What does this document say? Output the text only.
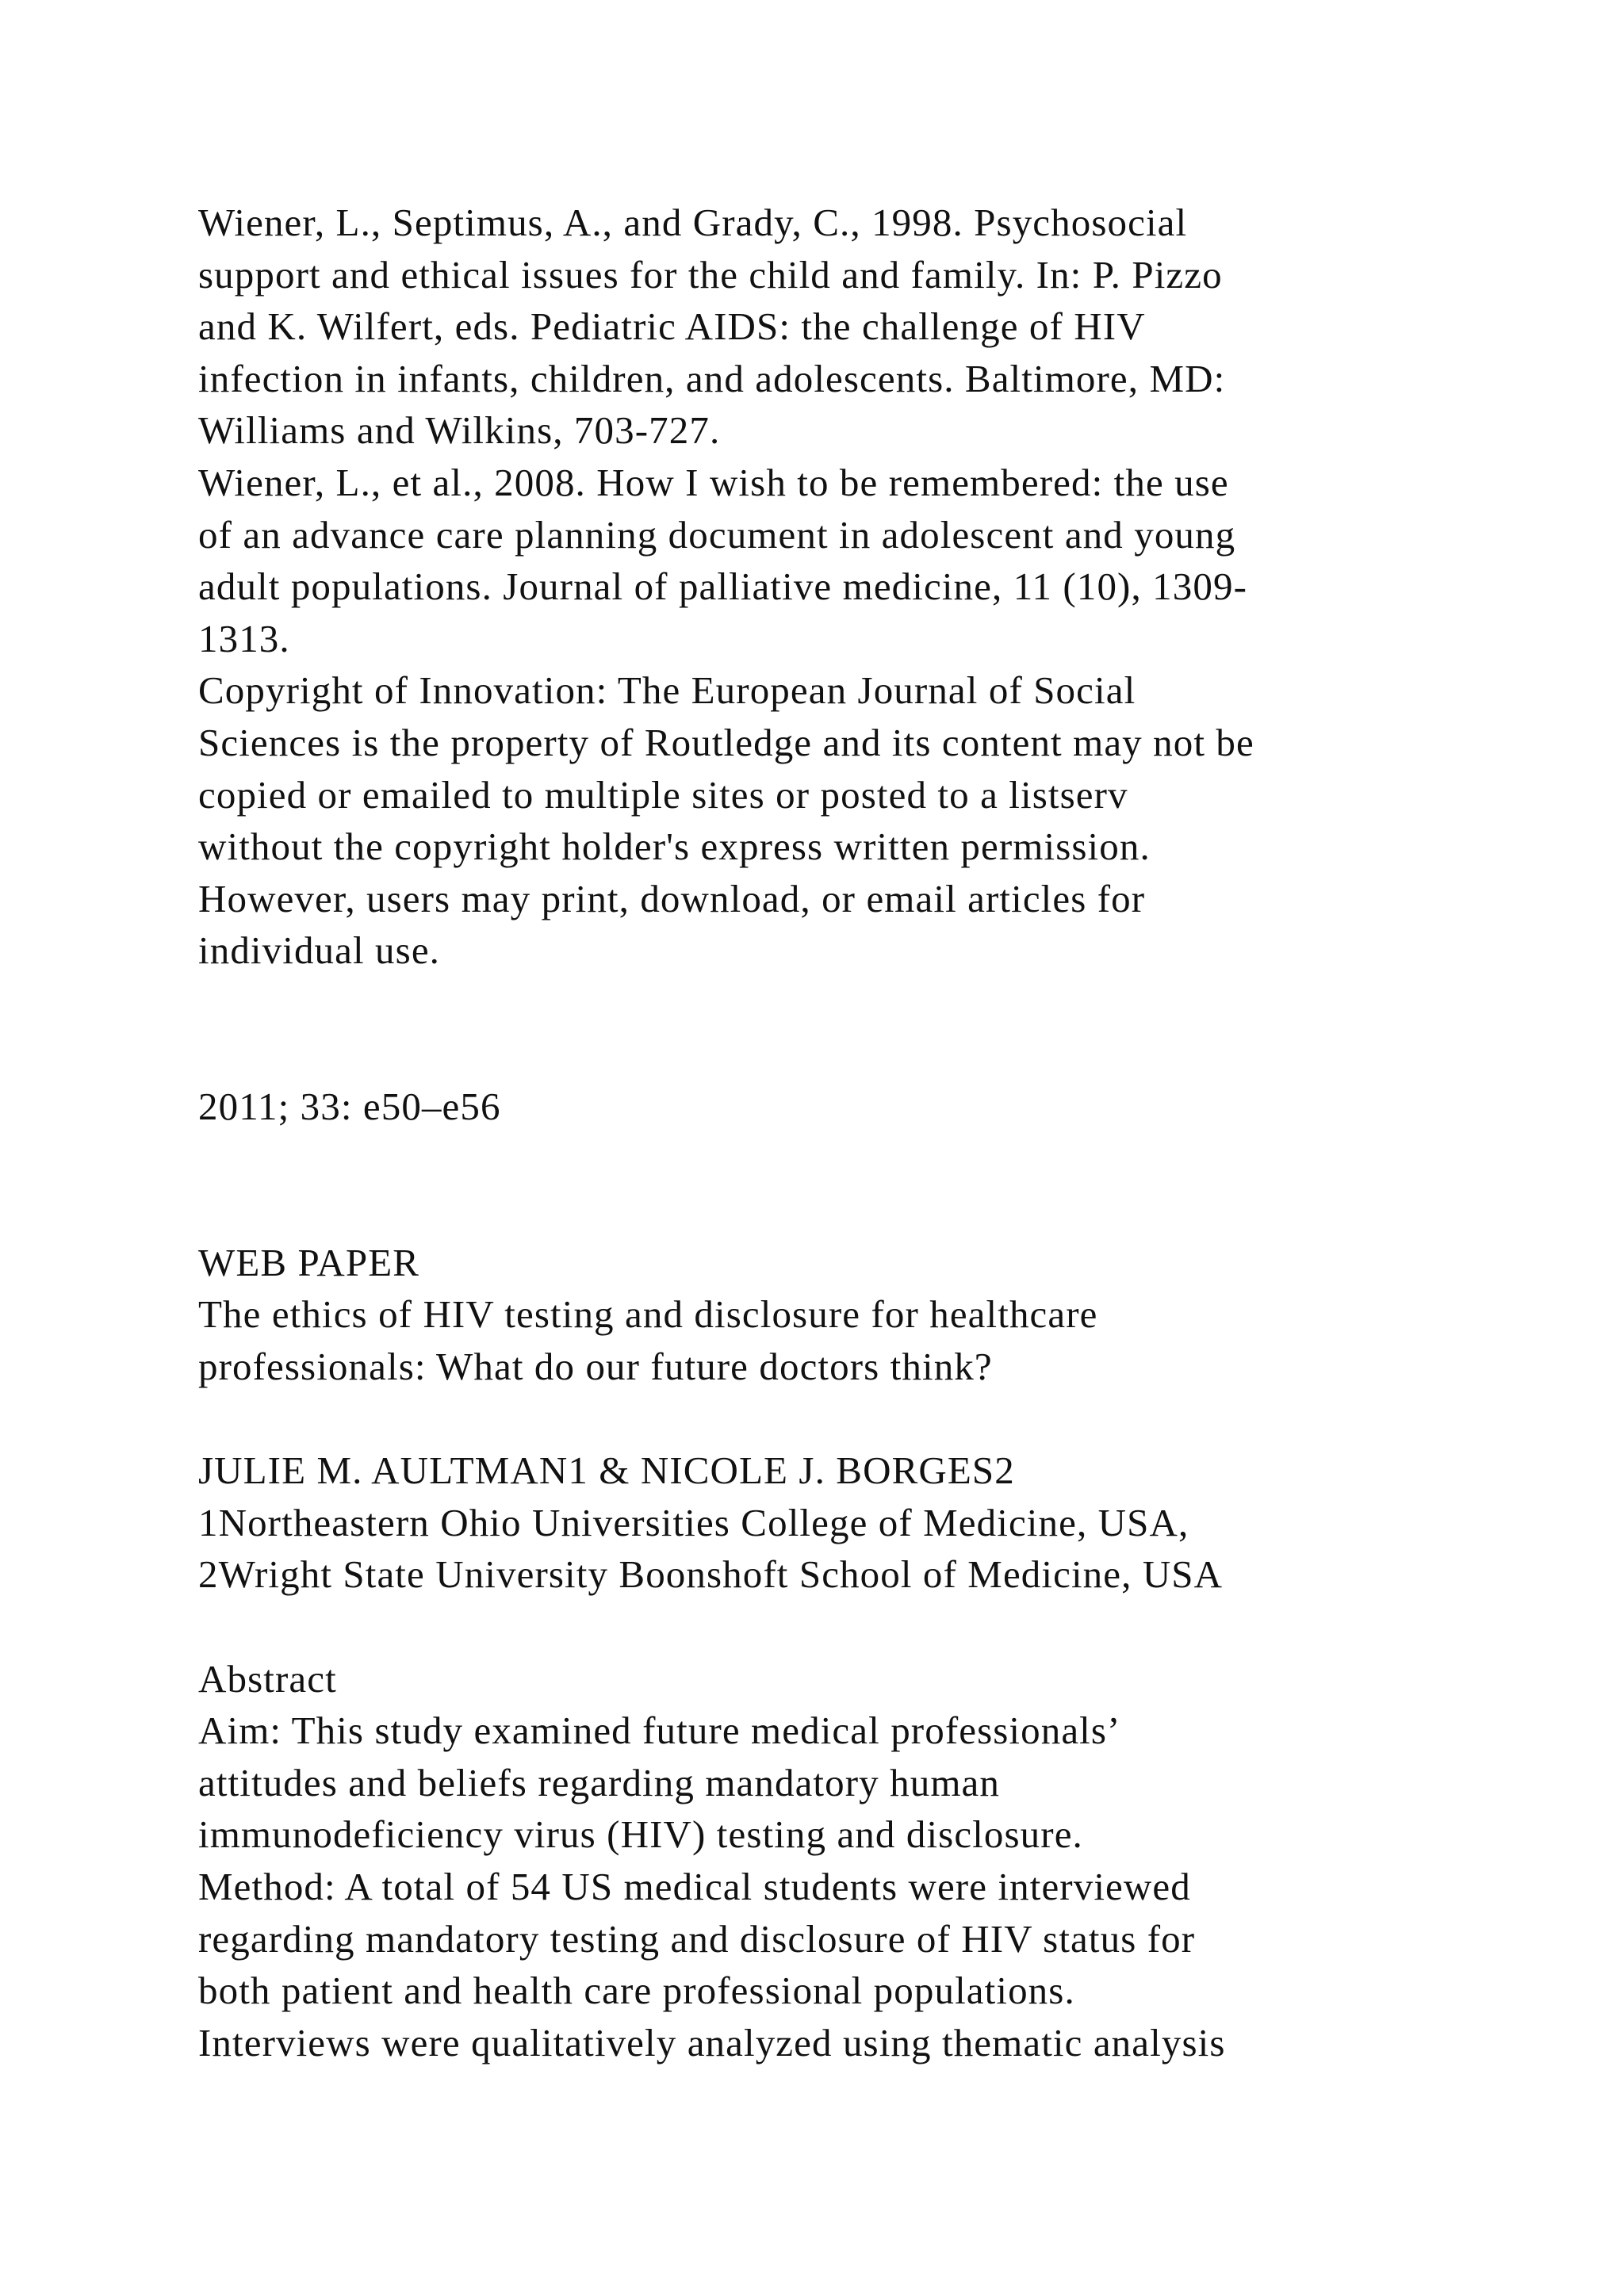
Wiener, L., Septimus, A., and Grady, C., 1998. Psychosocial
support and ethical issues for the child and family. In: P. Pizzo
and K. Wilfert, eds. Pediatric AIDS: the challenge of HIV
infection in infants, children, and adolescents. Baltimore, MD:
Williams and Wilkins, 703-727.
Wiener, L., et al., 2008. How I wish to be remembered: the use
of an advance care planning document in adolescent and young
adult populations. Journal of palliative medicine, 11 (10), 1309-
1313.
Copyright of Innovation: The European Journal of Social
Sciences is the property of Routledge and its content may not be
copied or emailed to multiple sites or posted to a listserv
without the copyright holder's express written permission.
However, users may print, download, or email articles for
individual use.
2011; 33: e50–e56
WEB PAPER
The ethics of HIV testing and disclosure for healthcare
professionals: What do our future doctors think?
JULIE M. AULTMAN1 & NICOLE J. BORGES2
1Northeastern Ohio Universities College of Medicine, USA,
2Wright State University Boonshoft School of Medicine, USA
Abstract
Aim: This study examined future medical professionals’
attitudes and beliefs regarding mandatory human
immunodeficiency virus (HIV) testing and disclosure.
Method: A total of 54 US medical students were interviewed
regarding mandatory testing and disclosure of HIV status for
both patient and health care professional populations.
Interviews were qualitatively analyzed using thematic analysis
